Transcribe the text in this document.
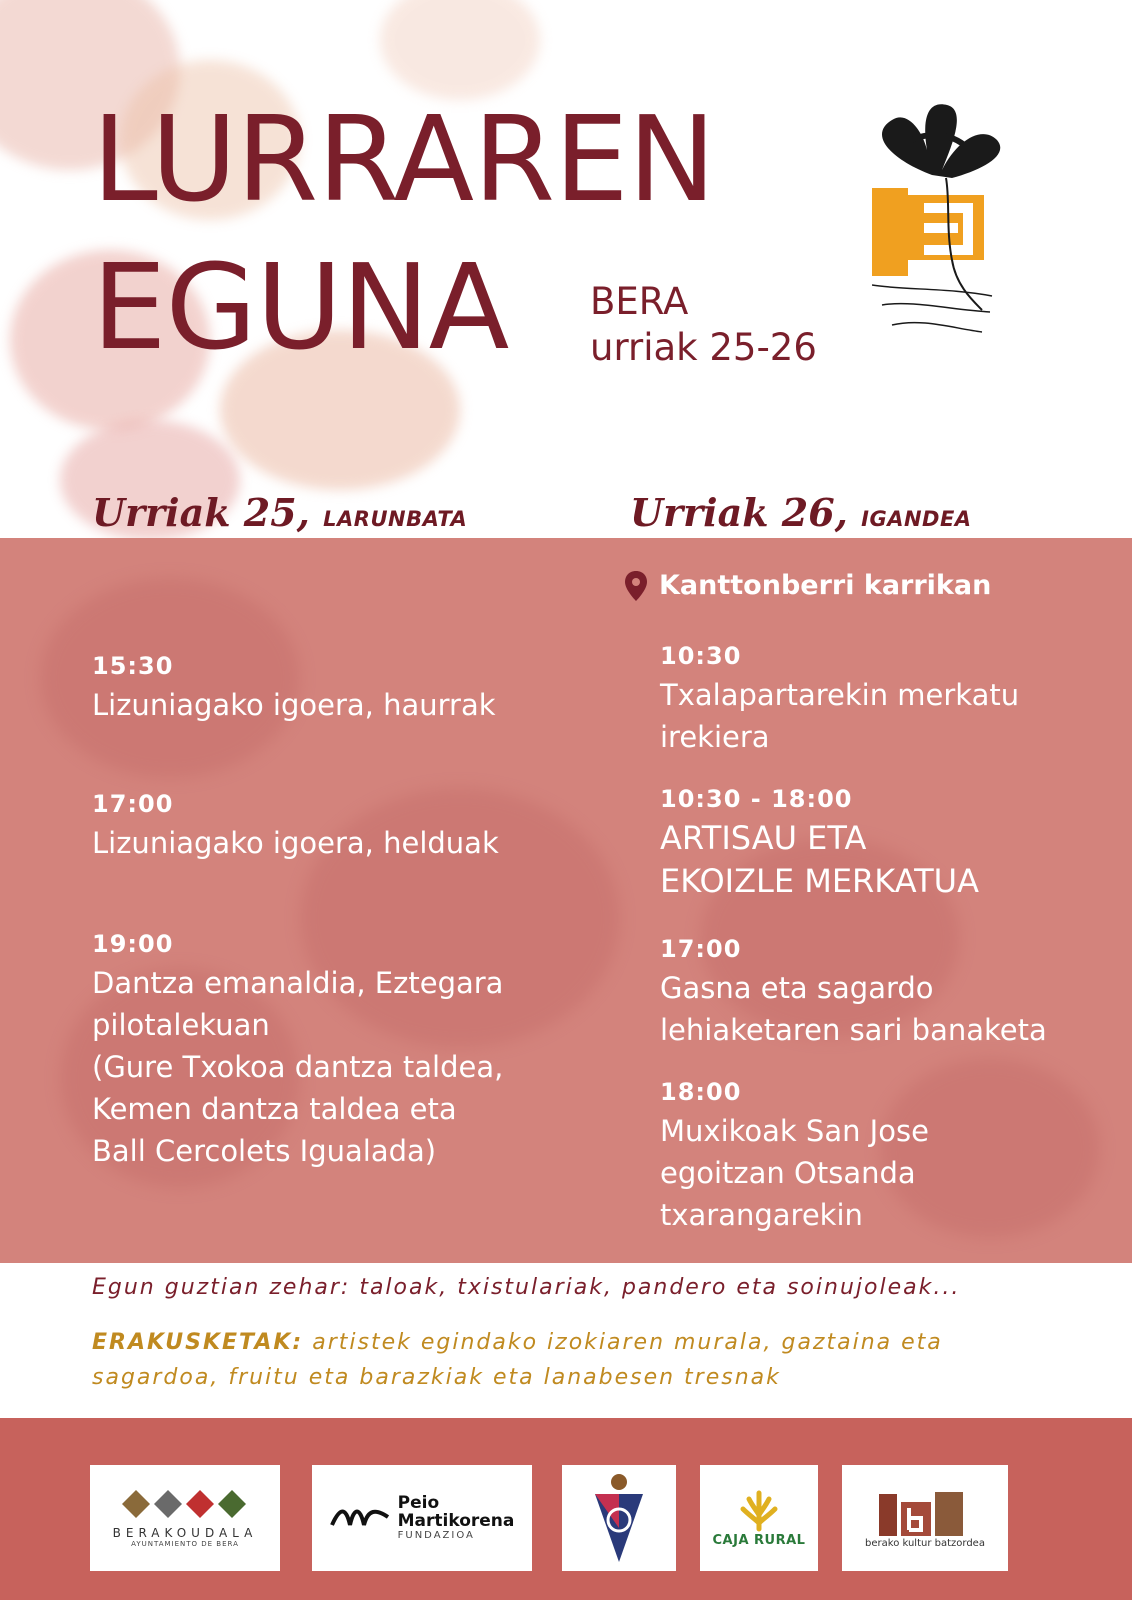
LURRAREN
EGUNA BERA
urriak 25-26
Urriak 25, LARUNBATA	Urriak 26, IGANDEA
Kanttonberri karrikan
15:30
Lizuniagako igoera, haurrak
17:00
Lizuniagako igoera, helduak
19:00
Dantza emanaldia, Eztegara
pilotalekuan
(Gure Txokoa dantza taldea,
Kemen dantza taldea eta
Ball Cercolets Igualada)
10:30
Txalapartarekin merkatu
irekiera
10:30 - 18:00
ARTISAU ETA
EKOIZLE MERKATUA
17:00
Gasna eta sagardo
lehiaketaren sari banaketa
18:00
Muxikoak San Jose
egoitzan Otsanda
txarangarekin
Egun guztian zehar: taloak, txistulariak, pandero eta soinujoleak...
ERAKUSKETAK: artistek egindako izokiaren murala, gaztaina eta sagardoa, fruitu eta barazkiak eta lanabesen tresnak
BERAKOUDALA
AYUNTAMIENTO DE BERA
Peio
Martikorena
FUNDAZIOA	CAJA RURAL	berako kultur batzordea
